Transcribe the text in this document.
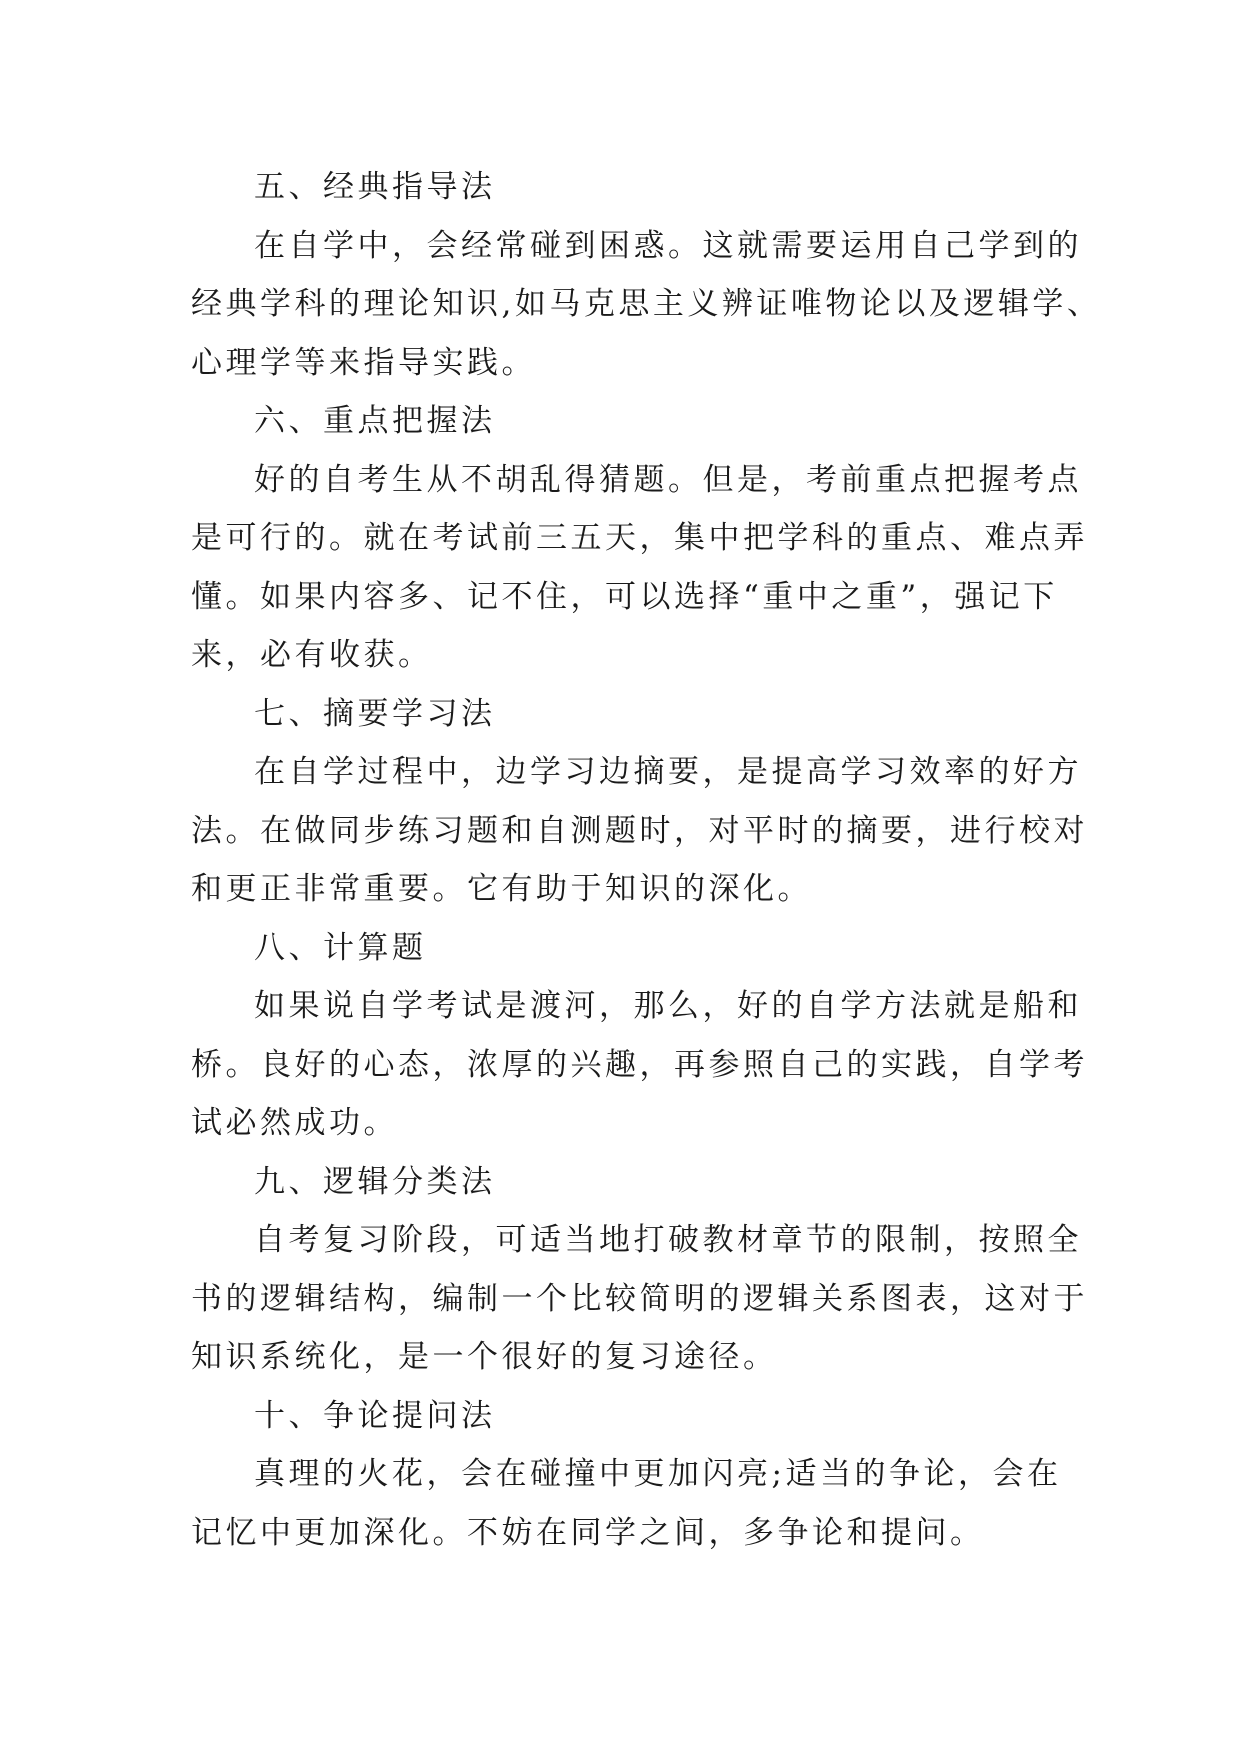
五、经典指导法
在自学中，会经常碰到困惑。这就需要运用自己学到的
经典学科的理论知识,如马克思主义辨证唯物论以及逻辑学、
心理学等来指导实践。
六、重点把握法
好的自考生从不胡乱得猜题。但是，考前重点把握考点
是可行的。就在考试前三五天，集中把学科的重点、难点弄
懂。如果内容多、记不住，可以选择“重中之重”，强记下
来，必有收获。
七、摘要学习法
在自学过程中，边学习边摘要，是提高学习效率的好方
法。在做同步练习题和自测题时，对平时的摘要，进行校对
和更正非常重要。它有助于知识的深化。
八、计算题
如果说自学考试是渡河，那么，好的自学方法就是船和
桥。良好的心态，浓厚的兴趣，再参照自己的实践，自学考
试必然成功。
九、逻辑分类法
自考复习阶段，可适当地打破教材章节的限制，按照全
书的逻辑结构，编制一个比较简明的逻辑关系图表，这对于
知识系统化，是一个很好的复习途径。
十、争论提问法
真理的火花，会在碰撞中更加闪亮;适当的争论，会在
记忆中更加深化。不妨在同学之间，多争论和提问。
